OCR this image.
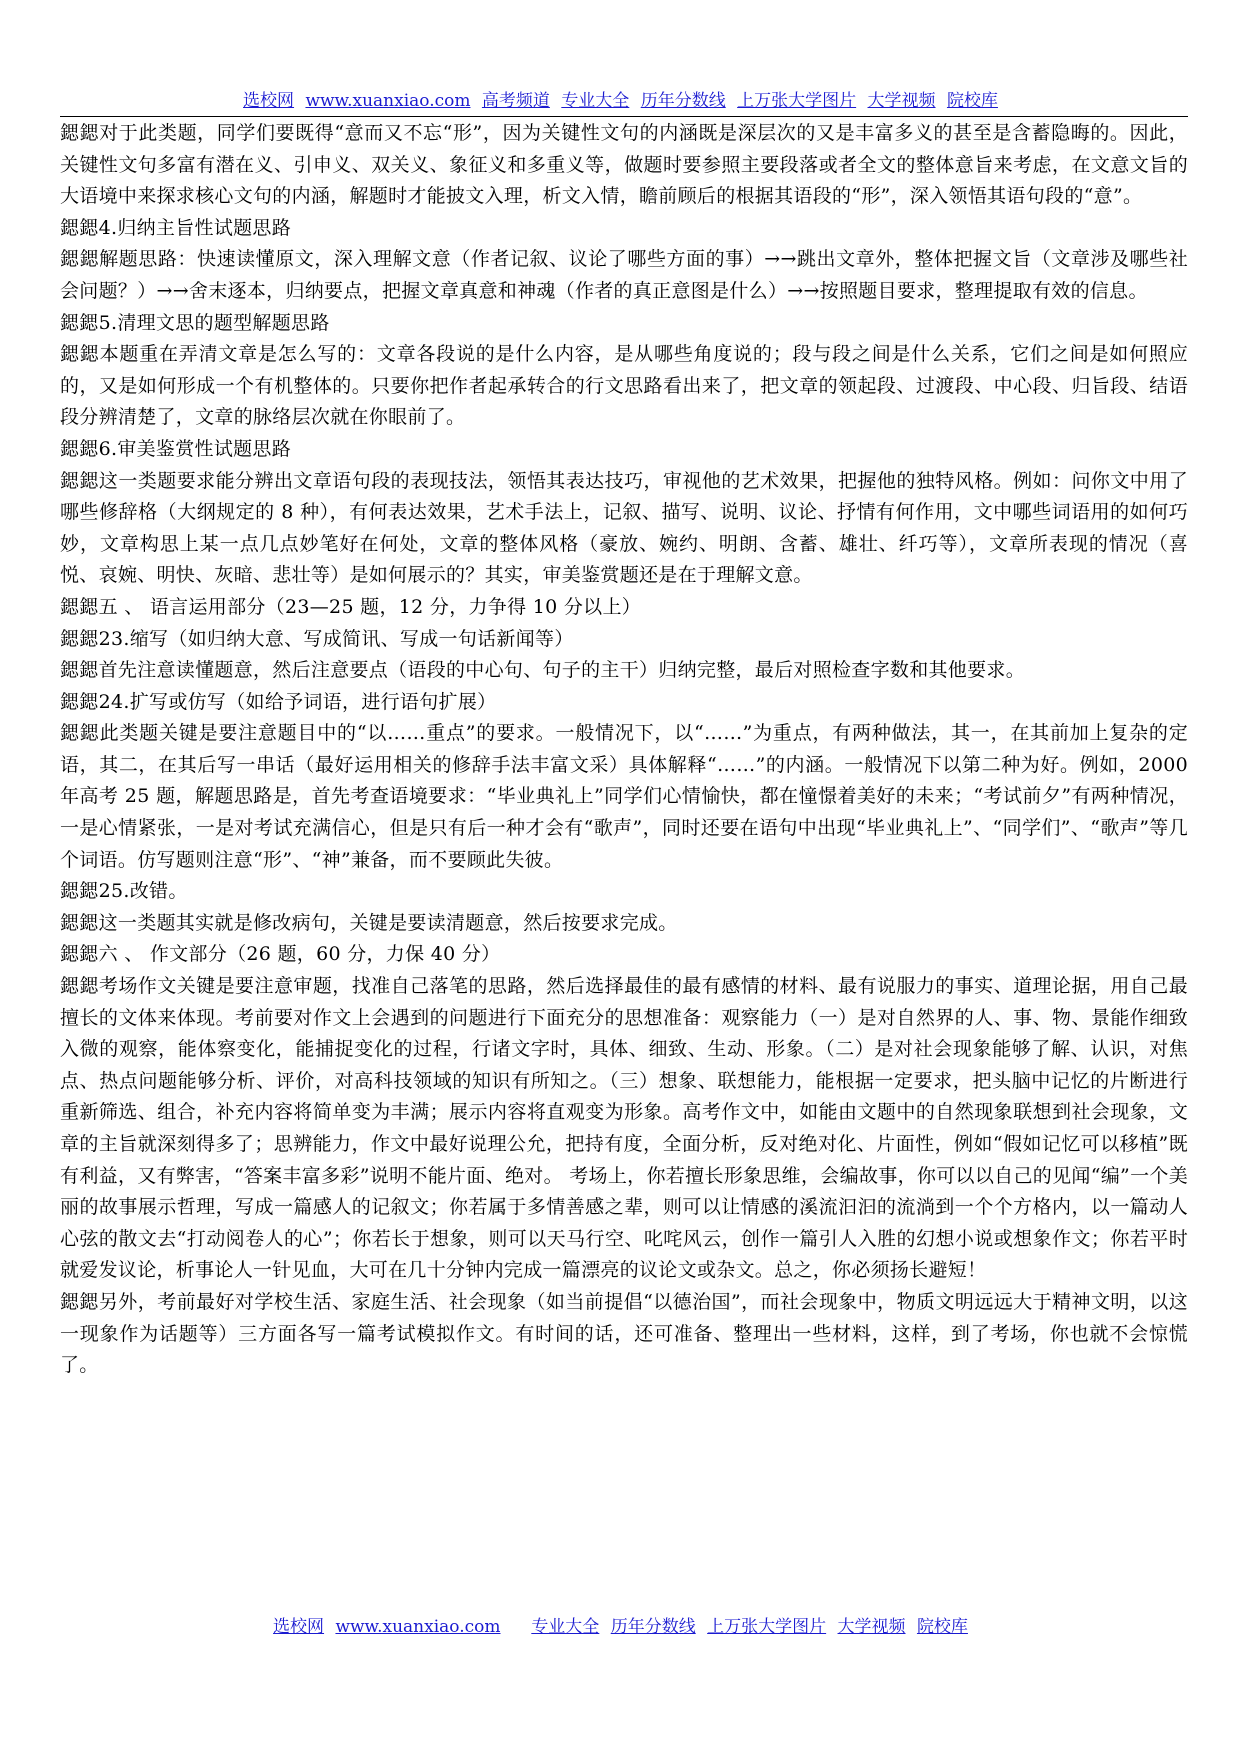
选校网 www.xuanxiao.com 高考频道 专业大全 历年分数线 上万张大学图片 大学视频 院校库

鍶鍶对于此类题，同学们要既得“意而又不忘“形”，因为关键性文句的内涵既是深层次的又是丰富多义的甚至是含蓄隐晦的。因此，关键性文句多富有潜在义、引申义、双关义、象征义和多重义等，做题时要参照主要段落或者全文的整体意旨来考虑，在文意文旨的大语境中来探求核心文句的内涵，解题时才能披文入理，析文入情，瞻前顾后的根据其语段的“形”，深入领悟其语句段的“意”。

鍶鍶4.归纳主旨性试题思路

鍶鍶解题思路：快速读懂原文，深入理解文意（作者记叙、议论了哪些方面的事）→→跳出文章外，整体把握文旨（文章涉及哪些社会问题？）→→舍末逐本，归纳要点，把握文章真意和神魂（作者的真正意图是什么）→→按照题目要求，整理提取有效的信息。

鍶鍶5.清理文思的题型解题思路

鍶鍶本题重在弄清文章是怎么写的：文章各段说的是什么内容，是从哪些角度说的；段与段之间是什么关系，它们之间是如何照应的，又是如何形成一个有机整体的。只要你把作者起承转合的行文思路看出来了，把文章的领起段、过渡段、中心段、归旨段、结语段分辨清楚了，文章的脉络层次就在你眼前了。

鍶鍶6.审美鉴赏性试题思路

鍶鍶这一类题要求能分辨出文章语句段的表现技法，领悟其表达技巧，审视他的艺术效果，把握他的独特风格。例如：问你文中用了哪些修辞格（大纲规定的 8 种），有何表达效果，艺术手法上，记叙、描写、说明、议论、抒情有何作用，文中哪些词语用的如何巧妙，文章构思上某一点几点妙笔好在何处，文章的整体风格（豪放、婉约、明朗、含蓄、雄壮、纤巧等），文章所表现的情况（喜悦、哀婉、明快、灰暗、悲壮等）是如何展示的？其实，审美鉴赏题还是在于理解文意。

鍶鍶五 、 语言运用部分（23—25 题，12 分，力争得 10 分以上）

鍶鍶23.缩写（如归纳大意、写成简讯、写成一句话新闻等）

鍶鍶首先注意读懂题意，然后注意要点（语段的中心句、句子的主干）归纳完整，最后对照检查字数和其他要求。

鍶鍶24.扩写或仿写（如给予词语，进行语句扩展）

鍶鍶此类题关键是要注意题目中的“以……重点”的要求。一般情况下，以“……”为重点，有两种做法，其一，在其前加上复杂的定语，其二，在其后写一串话（最好运用相关的修辞手法丰富文采）具体解释“……”的内涵。一般情况下以第二种为好。例如，2000 年高考 25 题，解题思路是，首先考查语境要求：“毕业典礼上”同学们心情愉快，都在憧憬着美好的未来；“考试前夕”有两种情况，一是心情紧张，一是对考试充满信心，但是只有后一种才会有“歌声”，同时还要在语句中出现“毕业典礼上”、“同学们”、“歌声”等几个词语。仿写题则注意“形”、“神”兼备，而不要顾此失彼。

鍶鍶25.改错。

鍶鍶这一类题其实就是修改病句，关键是要读清题意，然后按要求完成。

鍶鍶六 、 作文部分（26 题，60 分，力保 40 分）

鍶鍶考场作文关键是要注意审题，找准自己落笔的思路，然后选择最佳的最有感情的材料、最有说服力的事实、道理论据，用自己最擅长的文体来体现。考前要对作文上会遇到的问题进行下面充分的思想准备：观察能力（一）是对自然界的人、事、物、景能作细致入微的观察，能体察变化，能捕捉变化的过程，行诸文字时，具体、细致、生动、形象。（二）是对社会现象能够了解、认识，对焦点、热点问题能够分析、评价，对高科技领域的知识有所知之。（三）想象、联想能力，能根据一定要求，把头脑中记忆的片断进行重新筛选、组合，补充内容将简单变为丰满；展示内容将直观变为形象。高考作文中，如能由文题中的自然现象联想到社会现象，文章的主旨就深刻得多了；思辨能力，作文中最好说理公允，把持有度，全面分析，反对绝对化、片面性，例如“假如记忆可以移植”既有利益，又有弊害，“答案丰富多彩”说明不能片面、绝对。 考场上，你若擅长形象思维，会编故事，你可以以自己的见闻“编”一个美丽的故事展示哲理，写成一篇感人的记叙文；你若属于多情善感之辈，则可以让情感的溪流汩汩的流淌到一个个方格内，以一篇动人心弦的散文去“打动阅卷人的心”；你若长于想象，则可以天马行空、叱咤风云，创作一篇引人入胜的幻想小说或想象作文；你若平时就爱发议论，析事论人一针见血，大可在几十分钟内完成一篇漂亮的议论文或杂文。总之，你必须扬长避短！

鍶鍶另外，考前最好对学校生活、家庭生活、社会现象（如当前提倡“以德治国”，而社会现象中，物质文明远远大于精神文明，以这一现象作为话题等）三方面各写一篇考试模拟作文。有时间的话，还可准备、整理出一些材料，这样，到了考场，你也就不会惊慌了。

选校网 www.xuanxiao.com 专业大全 历年分数线 上万张大学图片 大学视频 院校库
